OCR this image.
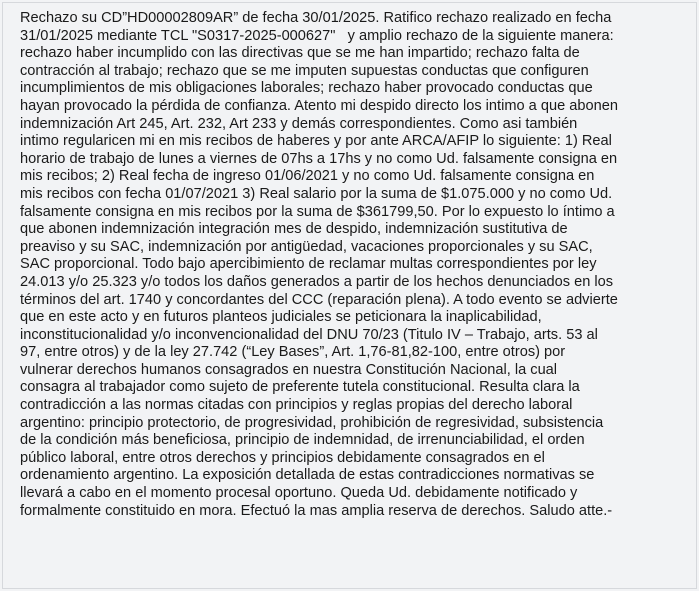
Rechazo su CD”HD00002809AR” de fecha 30/01/2025. Ratifico rechazo realizado en fecha
31/01/2025 mediante TCL "S0317-2025-000627"   y amplio rechazo de la siguiente manera:
rechazo haber incumplido con las directivas que se me han impartido; rechazo falta de
contracción al trabajo; rechazo que se me imputen supuestas conductas que configuren
incumplimientos de mis obligaciones laborales; rechazo haber provocado conductas que
hayan provocado la pérdida de confianza. Atento mi despido directo los intimo a que abonen
indemnización Art 245, Art. 232, Art 233 y demás correspondientes. Como asi también
intimo regularicen mi en mis recibos de haberes y por ante ARCA/AFIP lo siguiente: 1) Real
horario de trabajo de lunes a viernes de 07hs a 17hs y no como Ud. falsamente consigna en
mis recibos; 2) Real fecha de ingreso 01/06/2021 y no como Ud. falsamente consigna en
mis recibos con fecha 01/07/2021 3) Real salario por la suma de $1.075.000 y no como Ud.
falsamente consigna en mis recibos por la suma de $361799,50. Por lo expuesto lo íntimo a
que abonen indemnización integración mes de despido, indemnización sustitutiva de
preaviso y su SAC, indemnización por antigüedad, vacaciones proporcionales y su SAC,
SAC proporcional. Todo bajo apercibimiento de reclamar multas correspondientes por ley
24.013 y/o 25.323 y/o todos los daños generados a partir de los hechos denunciados en los
términos del art. 1740 y concordantes del CCC (reparación plena). A todo evento se advierte
que en este acto y en futuros planteos judiciales se peticionara la inaplicabilidad,
inconstitucionalidad y/o inconvencionalidad del DNU 70/23 (Titulo IV – Trabajo, arts. 53 al
97, entre otros) y de la ley 27.742 (“Ley Bases”, Art. 1,76-81,82-100, entre otros) por
vulnerar derechos humanos consagrados en nuestra Constitución Nacional, la cual
consagra al trabajador como sujeto de preferente tutela constitucional. Resulta clara la
contradicción a las normas citadas con principios y reglas propias del derecho laboral
argentino: principio protectorio, de progresividad, prohibición de regresividad, subsistencia
de la condición más beneficiosa, principio de indemnidad, de irrenunciabilidad, el orden
público laboral, entre otros derechos y principios debidamente consagrados en el
ordenamiento argentino. La exposición detallada de estas contradicciones normativas se
llevará a cabo en el momento procesal oportuno. Queda Ud. debidamente notificado y
formalmente constituido en mora. Efectuó la mas amplia reserva de derechos. Saludo atte.-
